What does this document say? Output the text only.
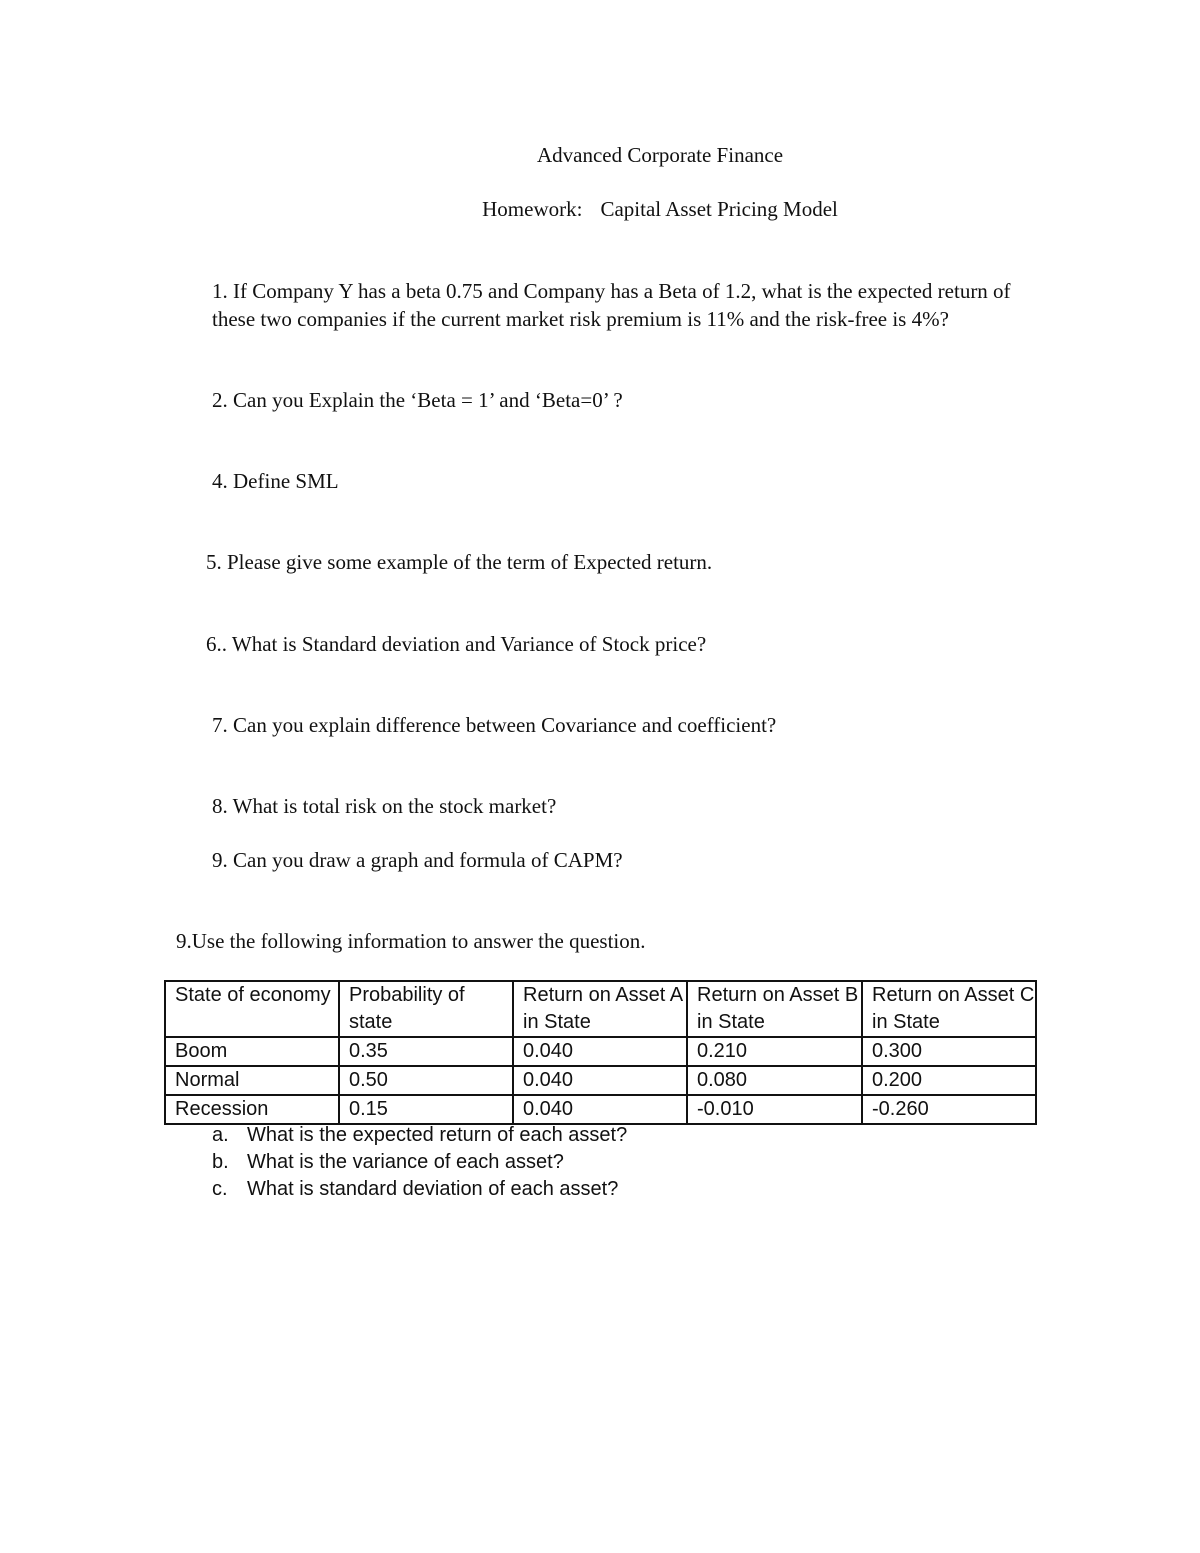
Advanced Corporate Finance
Homework: Capital Asset Pricing Model
1. If Company Y has a beta 0.75 and Company has a Beta of 1.2, what is the expected return of these two companies if the current market risk premium is 11% and the risk-free is 4%?
2. Can you Explain the ‘Beta = 1’ and ‘Beta=0’ ?
4. Define SML
5. Please give some example of the term of Expected return.
6.. What is Standard deviation and Variance of Stock price?
7. Can you explain difference between Covariance and coefficient?
8. What is total risk on the stock market?
9. Can you draw a graph and formula of CAPM?
9.Use the following information to answer the question.
State of economy	Probability of state	Return on Asset A in State	Return on Asset B in State	Return on Asset C in State
Boom	0.35	0.040	0.210	0.300
Normal	0.50	0.040	0.080	0.200
Recession	0.15	0.040	-0.010	-0.260
a. What is the expected return of each asset?
b. What is the variance of each asset?
c. What is standard deviation of each asset?
